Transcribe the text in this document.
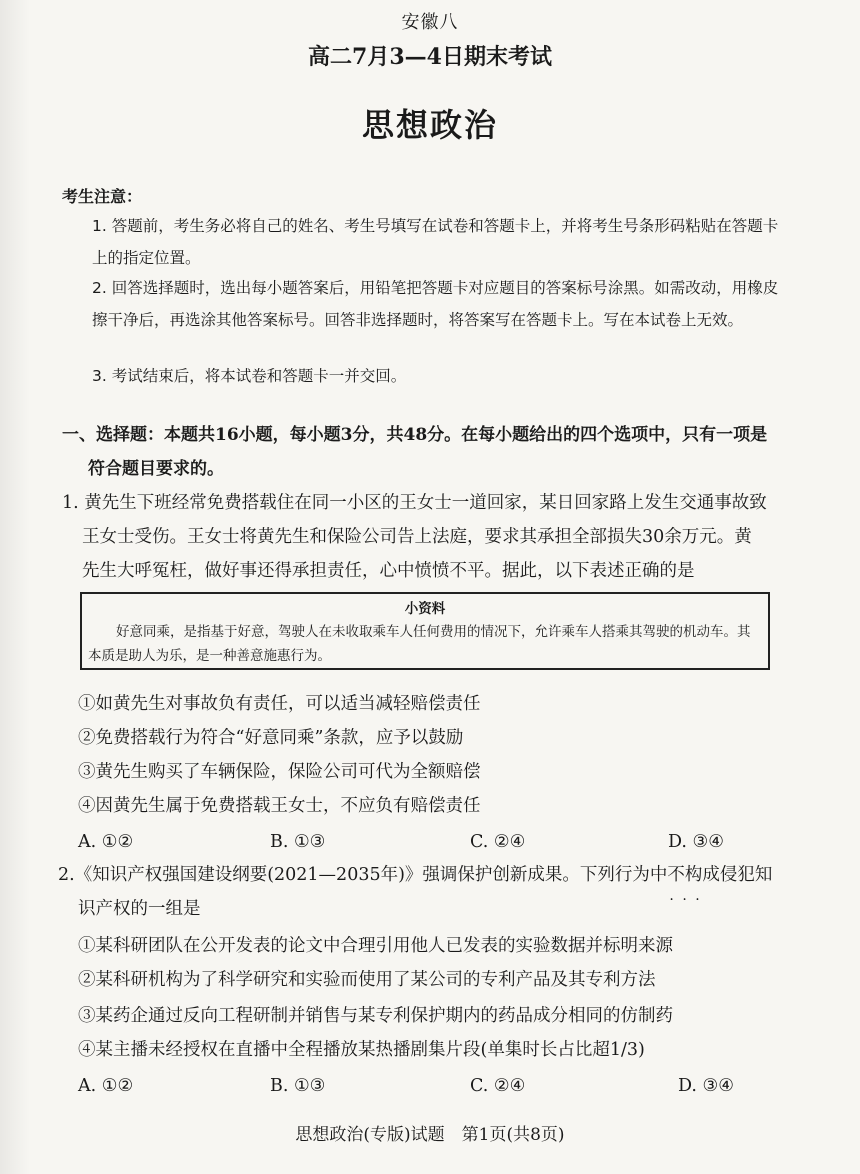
安徽八
高二7月3—4日期末考试
思想政治
考生注意：
1. 答题前，考生务必将自己的姓名、考生号填写在试卷和答题卡上，并将考生号条形码粘贴在答题卡上的指定位置。
2. 回答选择题时，选出每小题答案后，用铅笔把答题卡对应题目的答案标号涂黑。如需改动，用橡皮擦干净后，再选涂其他答案标号。回答非选择题时，将答案写在答题卡上。写在本试卷上无效。
3. 考试结束后，将本试卷和答题卡一并交回。
一、选择题：本题共16小题，每小题3分，共48分。在每小题给出的四个选项中，只有一项是
符合题目要求的。
1. 黄先生下班经常免费搭载住在同一小区的王女士一道回家，某日回家路上发生交通事故致
王女士受伤。王女士将黄先生和保险公司告上法庭，要求其承担全部损失30余万元。黄
先生大呼冤枉，做好事还得承担责任，心中愤愤不平。据此，以下表述正确的是
小资料
好意同乘，是指基于好意，驾驶人在未收取乘车人任何费用的情况下，允许乘车人搭乘其驾驶的机动车。其本质是助人为乐，是一种善意施惠行为。
①如黄先生对事故负有责任，可以适当减轻赔偿责任
②免费搭载行为符合“好意同乘”条款，应予以鼓励
③黄先生购买了车辆保险，保险公司可代为全额赔偿
④因黄先生属于免费搭载王女士，不应负有赔偿责任
A. ①②	B. ①③	C. ②④	D. ③④
2.《知识产权强国建设纲要(2021—2035年)》强调保护创新成果。下列行为中不构成 · · ·侵犯知
识产权的一组是
①某科研团队在公开发表的论文中合理引用他人已发表的实验数据并标明来源
②某科研机构为了科学研究和实验而使用了某公司的专利产品及其专利方法
③某药企通过反向工程研制并销售与某专利保护期内的药品成分相同的仿制药
④某主播未经授权在直播中全程播放某热播剧集片段(单集时长占比超1/3)
A. ①②	B. ①③	C. ②④	D. ③④
思想政治(专版)试题　第1页(共8页)
